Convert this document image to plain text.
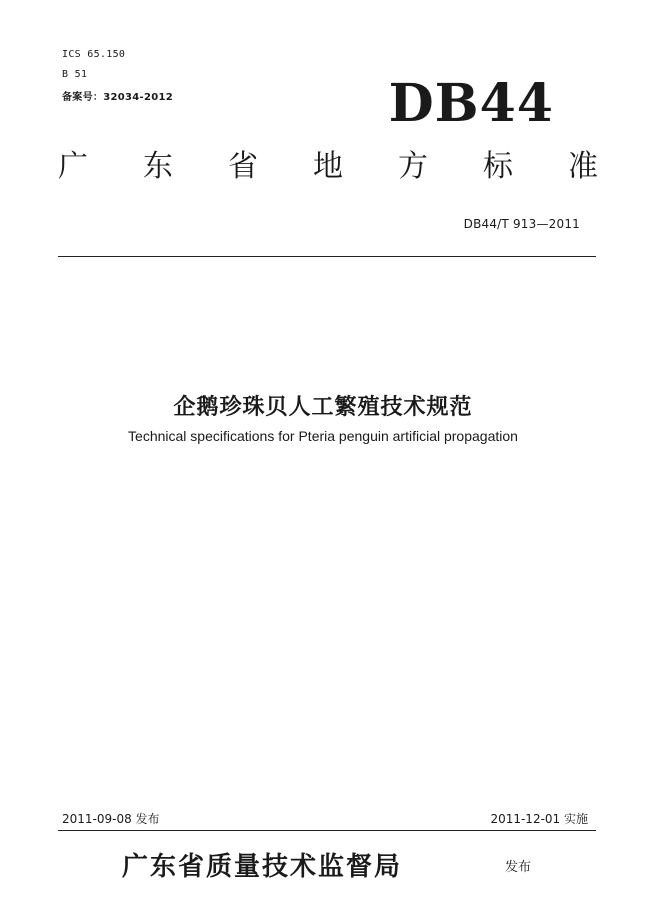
ICS 65.150
B 51
备案号：32034-2012	DB44
广 东 省 地 方 标 准
DB44/T 913—2011
企鹅珍珠贝人工繁殖技术规范
Technical specifications for Pteria penguin artificial propagation
2011-09-08 发布	2011-12-01 实施
广东省质量技术监督局	发布
